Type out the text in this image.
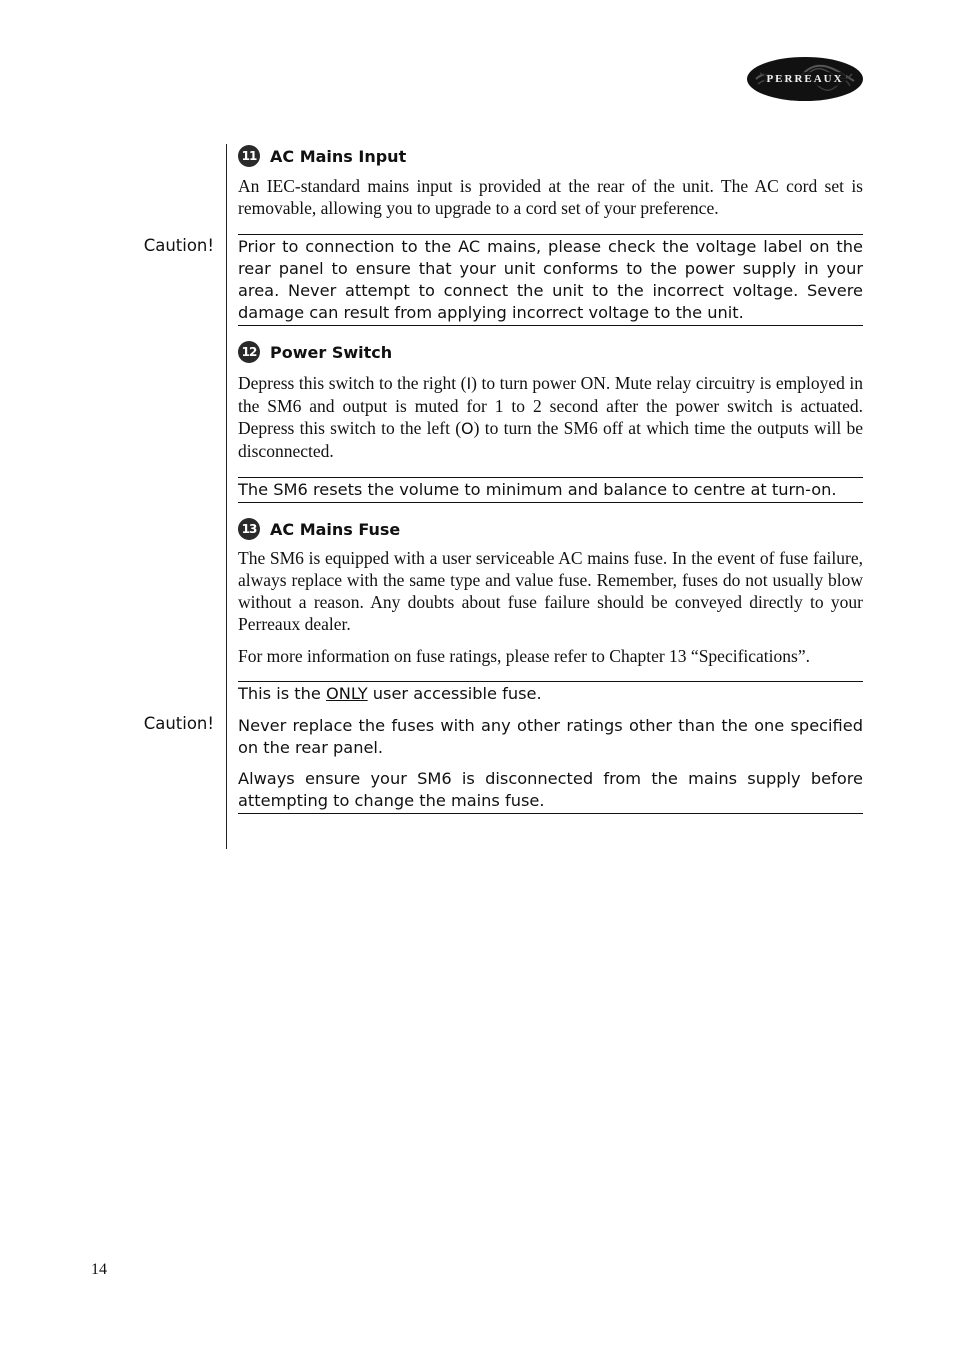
PERREAUX
Caution!
Caution!
11 AC Mains Input

An IEC-standard mains input is provided at the rear of the unit. The AC cord set is removable, allowing you to upgrade to a cord set of your preference.

Prior to connection to the AC mains, please check the voltage label on the rear panel to ensure that your unit conforms to the power supply in your area. Never attempt to connect the unit to the incorrect voltage. Severe damage can result from applying incorrect voltage to the unit.

12 Power Switch

Depress this switch to the right (I) to turn power ON. Mute relay circuitry is employed in the SM6 and output is muted for 1 to 2 second after the power switch is actuated. Depress this switch to the left (O) to turn the SM6 off at which time the outputs will be disconnected.

The SM6 resets the volume to minimum and balance to centre at turn-on.

13 AC Mains Fuse

The SM6 is equipped with a user serviceable AC mains fuse. In the event of fuse failure, always replace with the same type and value fuse. Remember, fuses do not usually blow without a reason. Any doubts about fuse failure should be conveyed directly to your Perreaux dealer.

For more information on fuse ratings, please refer to Chapter 13 “Specifications”.

This is the ONLY user accessible fuse.

Never replace the fuses with any other ratings other than the one specified on the rear panel.

Always ensure your SM6 is disconnected from the mains supply before attempting to change the mains fuse.

14
